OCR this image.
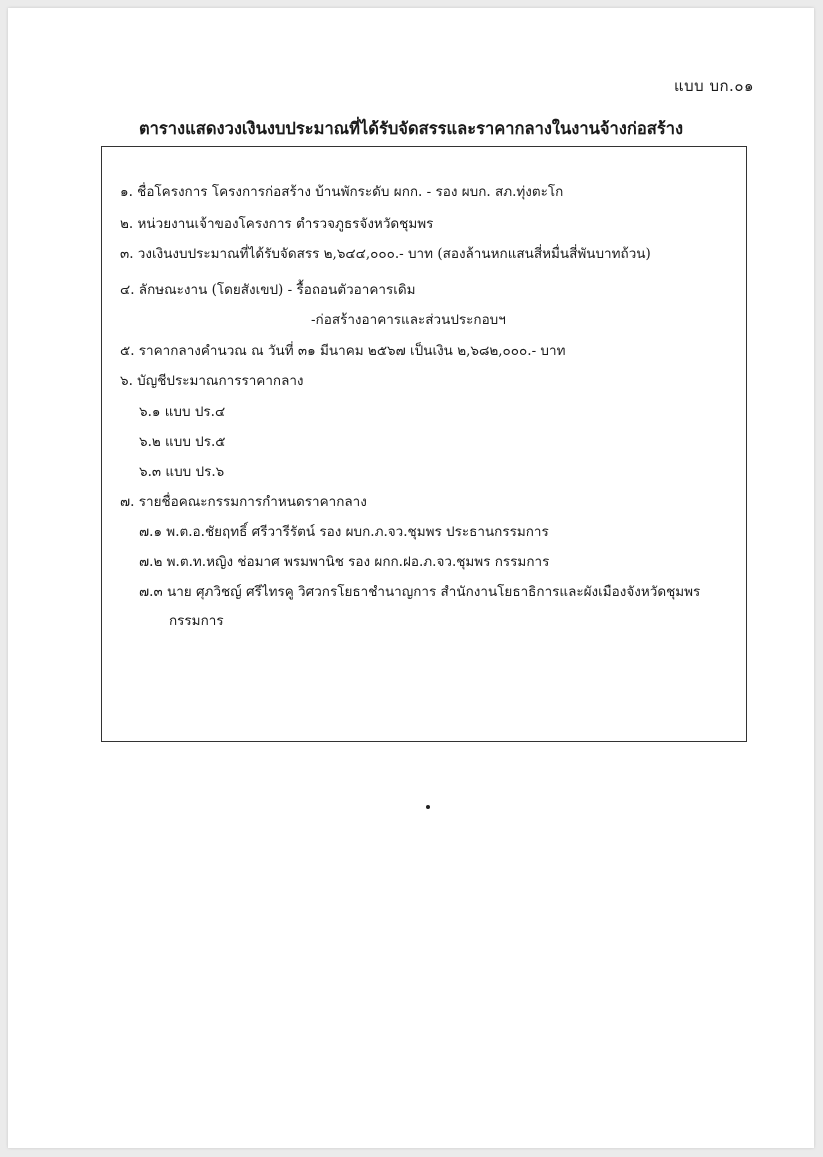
แบบ บก.๐๑
ตารางแสดงวงเงินงบประมาณที่ได้รับจัดสรรและราคากลางในงานจ้างก่อสร้าง
๑. ชื่อโครงการ โครงการก่อสร้าง บ้านพักระดับ ผกก. - รอง ผบก. สภ.ทุ่งตะโก
๒. หน่วยงานเจ้าของโครงการ ตำรวจภูธรจังหวัดชุมพร
๓. วงเงินงบประมาณที่ได้รับจัดสรร ๒,๖๔๔,๐๐๐.- บาท (สองล้านหกแสนสี่หมื่นสี่พันบาทถ้วน)
๔. ลักษณะงาน (โดยสังเขป) - รื้อถอนตัวอาคารเดิม
-ก่อสร้างอาคารและส่วนประกอบฯ
๕. ราคากลางคำนวณ ณ วันที่ ๓๑ มีนาคม ๒๕๖๗ เป็นเงิน ๒,๖๘๒,๐๐๐.- บาท
๖. บัญชีประมาณการราคากลาง
๖.๑ แบบ ปร.๔
๖.๒ แบบ ปร.๕
๖.๓ แบบ ปร.๖
๗. รายชื่อคณะกรรมการกำหนดราคากลาง
๗.๑ พ.ต.อ.ชัยฤทธิ์ ศรีวารีรัตน์ รอง ผบก.ภ.จว.ชุมพร ประธานกรรมการ
๗.๒ พ.ต.ท.หญิง ช่อมาศ พรมพานิช รอง ผกก.ฝอ.ภ.จว.ชุมพร กรรมการ
๗.๓ นาย ศุภวิชญ์ ศรีไทรคู วิศวกรโยธาชำนาญการ สำนักงานโยธาธิการและผังเมืองจังหวัดชุมพร
กรรมการ
